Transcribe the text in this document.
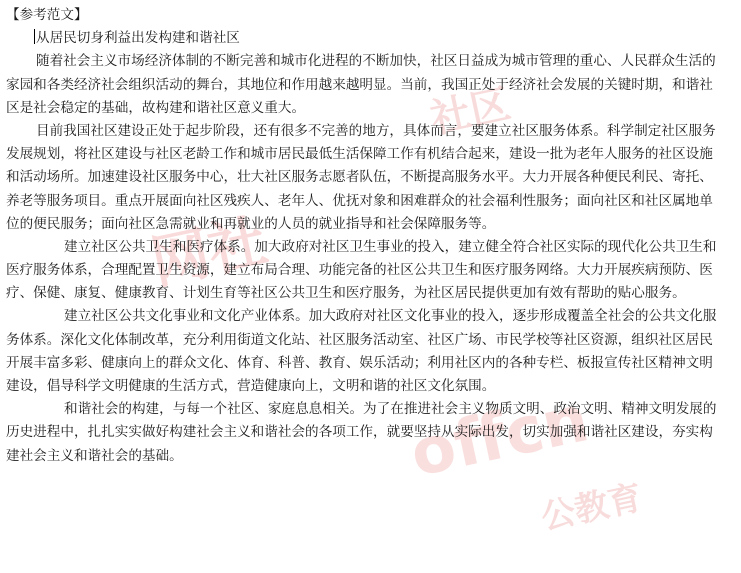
社区
网社
oﬀcn
公教育
【参考范文】
从居民切身利益出发构建和谐社区
随着社会主义市场经济体制的不断完善和城市化进程的不断加快，社区日益成为城市管理的重心、人民群众生活的
家园和各类经济社会组织活动的舞台，其地位和作用越来越明显。当前，我国正处于经济社会发展的关键时期，和谐社
区是社会稳定的基础，故构建和谐社区意义重大。
目前我国社区建设正处于起步阶段，还有很多不完善的地方，具体而言，要建立社区服务体系。科学制定社区服务
发展规划，将社区建设与社区老龄工作和城市居民最低生活保障工作有机结合起来，建设一批为老年人服务的社区设施
和活动场所。加速建设社区服务中心，壮大社区服务志愿者队伍，不断提高服务水平。大力开展各种便民利民、寄托、
养老等服务项目。重点开展面向社区残疾人、老年人、优抚对象和困难群众的社会福利性服务；面向社区和社区属地单
位的便民服务；面向社区急需就业和再就业的人员的就业指导和社会保障服务等。
建立社区公共卫生和医疗体系。加大政府对社区卫生事业的投入，建立健全符合社区实际的现代化公共卫生和
医疗服务体系，合理配置卫生资源，建立布局合理、功能完备的社区公共卫生和医疗服务网络。大力开展疾病预防、医
疗、保健、康复、健康教育、计划生育等社区公共卫生和医疗服务，为社区居民提供更加有效有帮助的贴心服务。
建立社区公共文化事业和文化产业体系。加大政府对社区文化事业的投入，逐步形成覆盖全社会的公共文化服
务体系。深化文化体制改革，充分利用街道文化站、社区服务活动室、社区广场、市民学校等社区资源，组织社区居民
开展丰富多彩、健康向上的群众文化、体育、科普、教育、娱乐活动；利用社区内的各种专栏、板报宣传社区精神文明
建设，倡导科学文明健康的生活方式，营造健康向上，文明和谐的社区文化氛围。
和谐社会的构建，与每一个社区、家庭息息相关。为了在推进社会主义物质文明、政治文明、精神文明发展的
历史进程中，扎扎实实做好构建社会主义和谐社会的各项工作，就要坚持从实际出发，切实加强和谐社区建设，夯实构
建社会主义和谐社会的基础。
